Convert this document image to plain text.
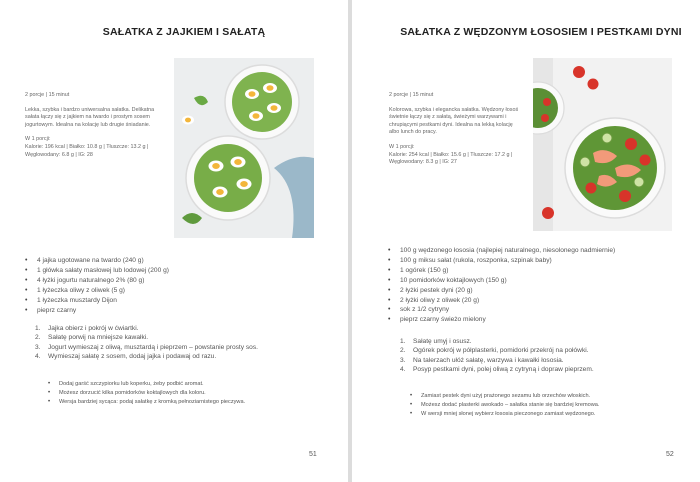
SAŁATKA Z JAJKIEM I SAŁATĄ
2 porcje | 15 minut
Lekka, szybka i bardzo uniwersalna sałatka. Delikatna sałata łączy się z jajkiem na twardo i prostym sosem jogurtowym. Idealna na kolację lub drugie śniadanie.
W 1 porcji:
Kalorie: 196 kcal | Białko: 10.8 g | Tłuszcze: 13.2 g | Węglowodany: 6.8 g | IG: 28
• 4 jajka ugotowane na twardo (240 g)
• 1 główka sałaty masłowej lub lodowej (200 g)
• 4 łyżki jogurtu naturalnego 2% (80 g)
• 1 łyżeczka oliwy z oliwek (5 g)
• 1 łyżeczka musztardy Dijon
• pieprz czarny
1.	Jajka obierz i pokrój w ćwiartki.
2.	Sałatę porwij na mniejsze kawałki.
3.	Jogurt wymieszaj z oliwą, musztardą i pieprzem – powstanie prosty sos.
4.	Wymieszaj sałatę z sosem, dodaj jajka i podawaj od razu.
• Dodaj garść szczypiorku lub koperku, żeby podbić aromat.
• Możesz dorzucić kilka pomidorków koktajlowych dla koloru.
• Wersja bardziej sycąca: podaj sałatkę z kromką pełnoziarnistego pieczywa.
51
SAŁATKA Z WĘDZONYM ŁOSOSIEM I PESTKAMI DYNI
2 porcje | 15 minut
Kolorowa, szybka i elegancka sałatka. Wędzony łosoś świetnie łączy się z sałatą, świeżymi warzywami i chrupiącymi pestkami dyni. Idealna na lekką kolację albo lunch do pracy.
W 1 porcji:
Kalorie: 254 kcal | Białko: 15.6 g | Tłuszcze: 17.2 g | Węglowodany: 8.3 g | IG: 27
• 100 g wędzonego łososia (najlepiej naturalnego, niesolonego nadmiernie)
• 100 g miksu sałat (rukola, roszponka, szpinak baby)
• 1 ogórek (150 g)
• 10 pomidorków koktajlowych (150 g)
• 2 łyżki pestek dyni (20 g)
• 2 łyżki oliwy z oliwek (20 g)
• sok z 1/2 cytryny
• pieprz czarny świeżo mielony
1.	Sałatę umyj i osusz.
2.	Ogórek pokrój w półplasterki, pomidorki przekrój na połówki.
3.	Na talerzach ułóż sałatę, warzywa i kawałki łososia.
4.	Posyp pestkami dyni, polej oliwą z cytryną i dopraw pieprzem.
• Zamiast pestek dyni użyj prażonego sezamu lub orzechów włoskich.
• Możesz dodać plasterki awokado – sałatka stanie się bardziej kremowa.
• W wersji mniej słonej wybierz łososia pieczonego zamiast wędzonego.
52
